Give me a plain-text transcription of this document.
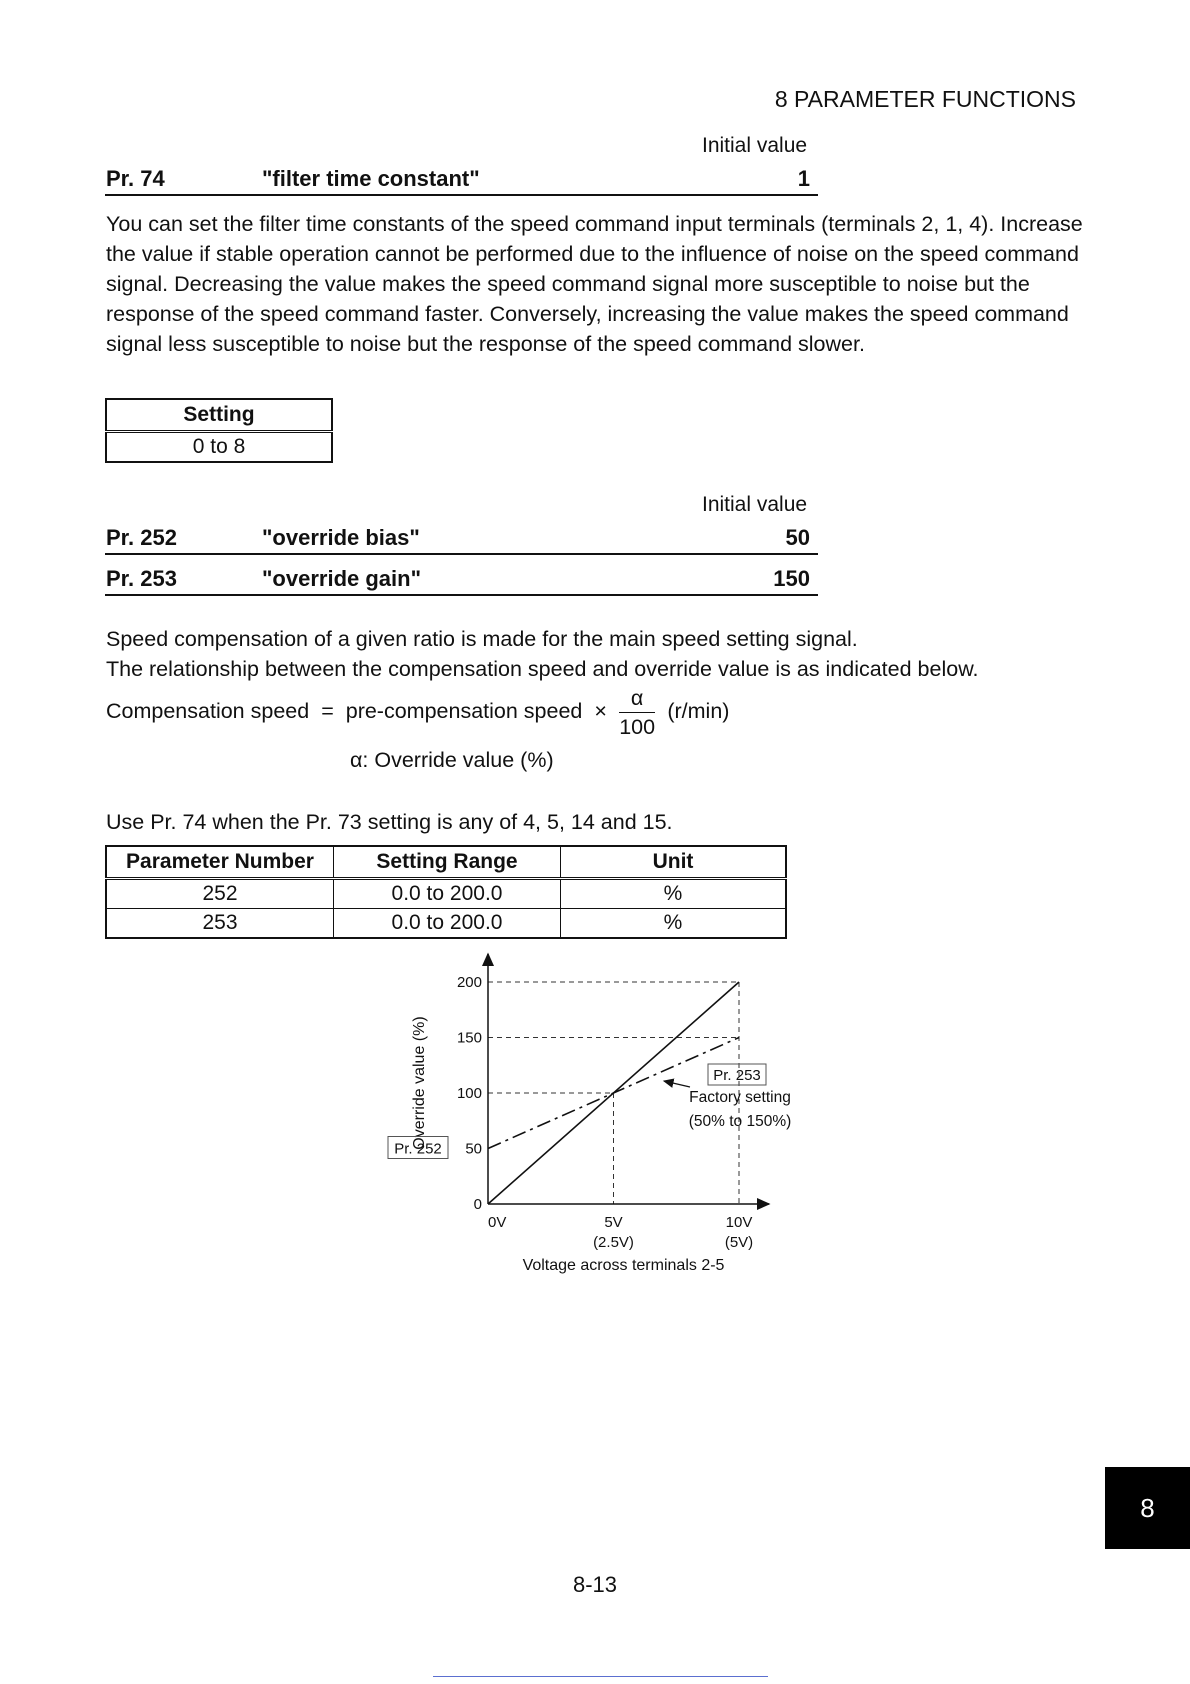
8 PARAMETER FUNCTIONS
Initial value
Pr. 74	"filter time constant"	1
You can set the filter time constants of the speed command input terminals (terminals 2, 1, 4). Increase the value if stable operation cannot be performed due to the influence of noise on the speed command signal. Decreasing the value makes the speed command signal more susceptible to noise but the response of the speed command faster. Conversely, increasing the value makes the speed command signal less susceptible to noise but the response of the speed command slower.
Setting
0 to 8
Initial value
Pr. 252	"override bias"	50
Pr. 253	"override gain"	150
Speed compensation of a given ratio is made for the main speed setting signal.
The relationship between the compensation speed and override value is as indicated below.
Compensation speed = pre-compensation speed × $\frac{\alpha}{100} (r/\min)$
α: Override value (%)
Use Pr. 74 when the Pr. 73 setting is any of 4, 5, 14 and 15.
Parameter Number	Setting Range	Unit
252	0.0 to 200.0	%
253	0.0 to 200.0	%
0
50
100
150
200
0V	5V
(2.5V)
10V
(5V)
Voltage across terminals 2-5
Override value (%)
Pr. 252
Pr. 253
Factory setting
(50% to 150%)
8
8-13
